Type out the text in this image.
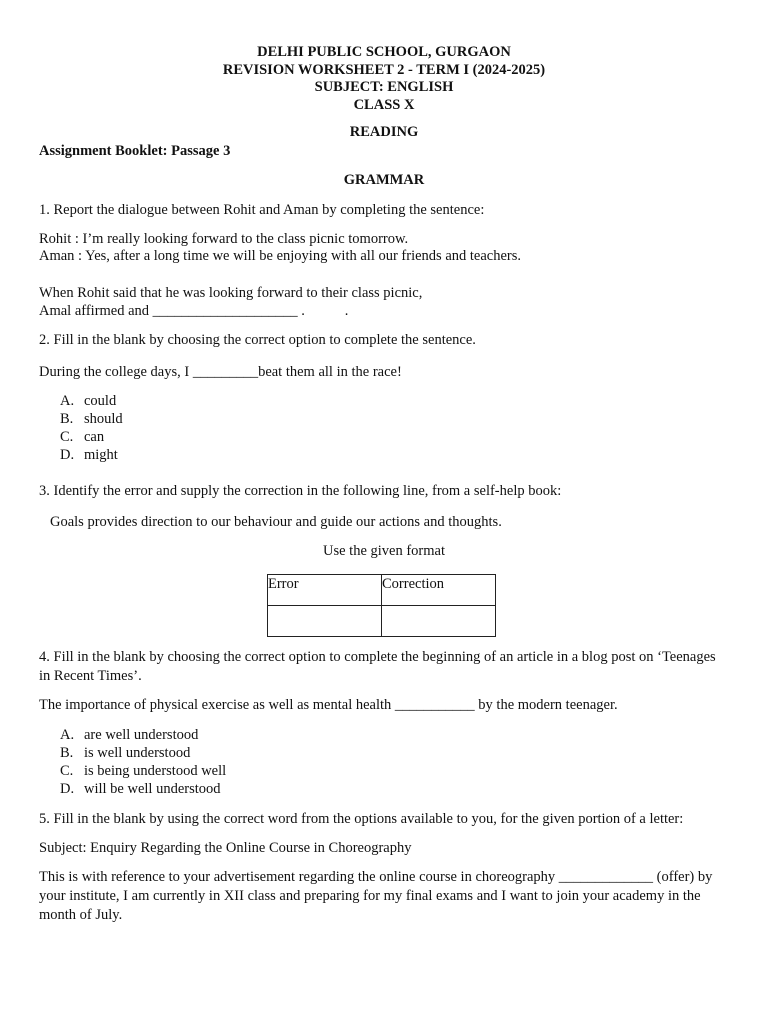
DELHI PUBLIC SCHOOL, GURGAON
REVISION WORKSHEET 2 - TERM I (2024-2025)
SUBJECT: ENGLISH
CLASS X
READING
Assignment Booklet: Passage 3
GRAMMAR
1. Report the dialogue between Rohit and Aman by completing the sentence:
Rohit : I’m really looking forward to the class picnic tomorrow.
Aman : Yes, after a long time we will be enjoying with all our friends and teachers.
When Rohit said that he was looking forward to their class picnic,
Amal affirmed and ____________________ .           .
2. Fill in the blank by choosing the correct option to complete the sentence.
During the college days, I _________beat them all in the race!
A. could
B. should
C. can
D. might
3. Identify the error and supply the correction in the following line, from a self-help book:
Goals provides direction to our behaviour and guide our actions and thoughts.
Use the given format
Error	Correction

4. Fill in the blank by choosing the correct option to complete the beginning of an article in a blog post on ‘Teenages in Recent Times’.
The importance of physical exercise as well as mental health ___________ by the modern teenager.
A. are well understood
B. is well understood
C. is being understood well
D. will be well understood
5. Fill in the blank by using the correct word from the options available to you, for the given portion of a letter:
Subject: Enquiry Regarding the Online Course in Choreography
This is with reference to your advertisement regarding the online course in choreography _____________ (offer) by your institute, I am currently in XII class and preparing for my final exams and I want to join your academy in the month of July.
